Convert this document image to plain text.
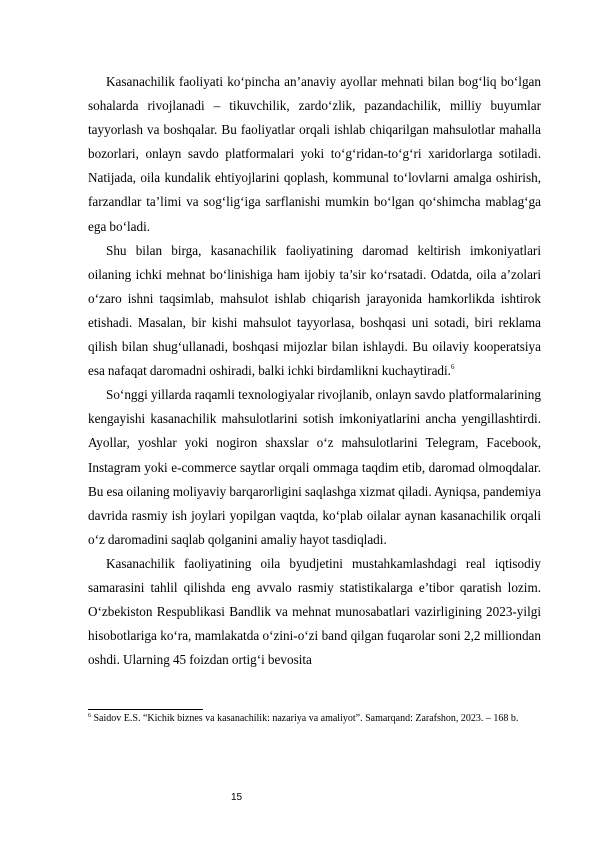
Kasanachilik faoliyati ko‘pincha an’anaviy ayollar mehnati bilan bog‘liq bo‘lgan sohalarda rivojlanadi – tikuvchilik, zardo‘zlik, pazandachilik, milliy buyumlar tayyorlash va boshqalar. Bu faoliyatlar orqali ishlab chiqarilgan mahsulotlar mahalla bozorlari, onlayn savdo platformalari yoki to‘g‘ridan-to‘g‘ri xaridorlarga sotiladi. Natijada, oila kundalik ehtiyojlarini qoplash, kommunal to‘lovlarni amalga oshirish, farzandlar ta’limi va sog‘lig‘iga sarflanishi mumkin bo‘lgan qo‘shimcha mablag‘ga ega bo‘ladi.

Shu bilan birga, kasanachilik faoliyatining daromad keltirish imkoniyatlari oilaning ichki mehnat bo‘linishiga ham ijobiy ta’sir ko‘rsatadi. Odatda, oila a’zolari o‘zaro ishni taqsimlab, mahsulot ishlab chiqarish jarayonida hamkorlikda ishtirok etishadi. Masalan, bir kishi mahsulot tayyorlasa, boshqasi uni sotadi, biri reklama qilish bilan shug‘ullanadi, boshqasi mijozlar bilan ishlaydi. Bu oilaviy kooperatsiya esa nafaqat daromadni oshiradi, balki ichki birdamlikni kuchaytiradi.$^6$

So‘nggi yillarda raqamli texnologiyalar rivojlanib, onlayn savdo platformalarining kengayishi kasanachilik mahsulotlarini sotish imkoniyatlarini ancha yengillashtirdi. Ayollar, yoshlar yoki nogiron shaxslar o‘z mahsulotlarini Telegram, Facebook, Instagram yoki e-commerce saytlar orqali ommaga taqdim etib, daromad olmoqdalar. Bu esa oilaning moliyaviy barqarorligini saqlashga xizmat qiladi. Ayniqsa, pandemiya davrida rasmiy ish joylari yopilgan vaqtda, ko‘plab oilalar aynan kasanachilik orqali o‘z daromadini saqlab qolganini amaliy hayot tasdiqladi.

Kasanachilik faoliyatining oila byudjetini mustahkamlashdagi real iqtisodiy samarasini tahlil qilishda eng avvalo rasmiy statistikalarga e’tibor qaratish lozim. O‘zbekiston Respublikasi Bandlik va mehnat munosabatlari vazirligining 2023-yilgi hisobotlariga ko‘ra, mamlakatda o‘zini-o‘zi band qilgan fuqarolar soni 2,2 milliondan oshdi. Ularning 45 foizdan ortig‘i bevosita

$^6$ Saidov E.S. “Kichik biznes va kasanachilik: nazariya va amaliyot”. Samarqand: Zarafshon, 2023. – 168 b.

15
